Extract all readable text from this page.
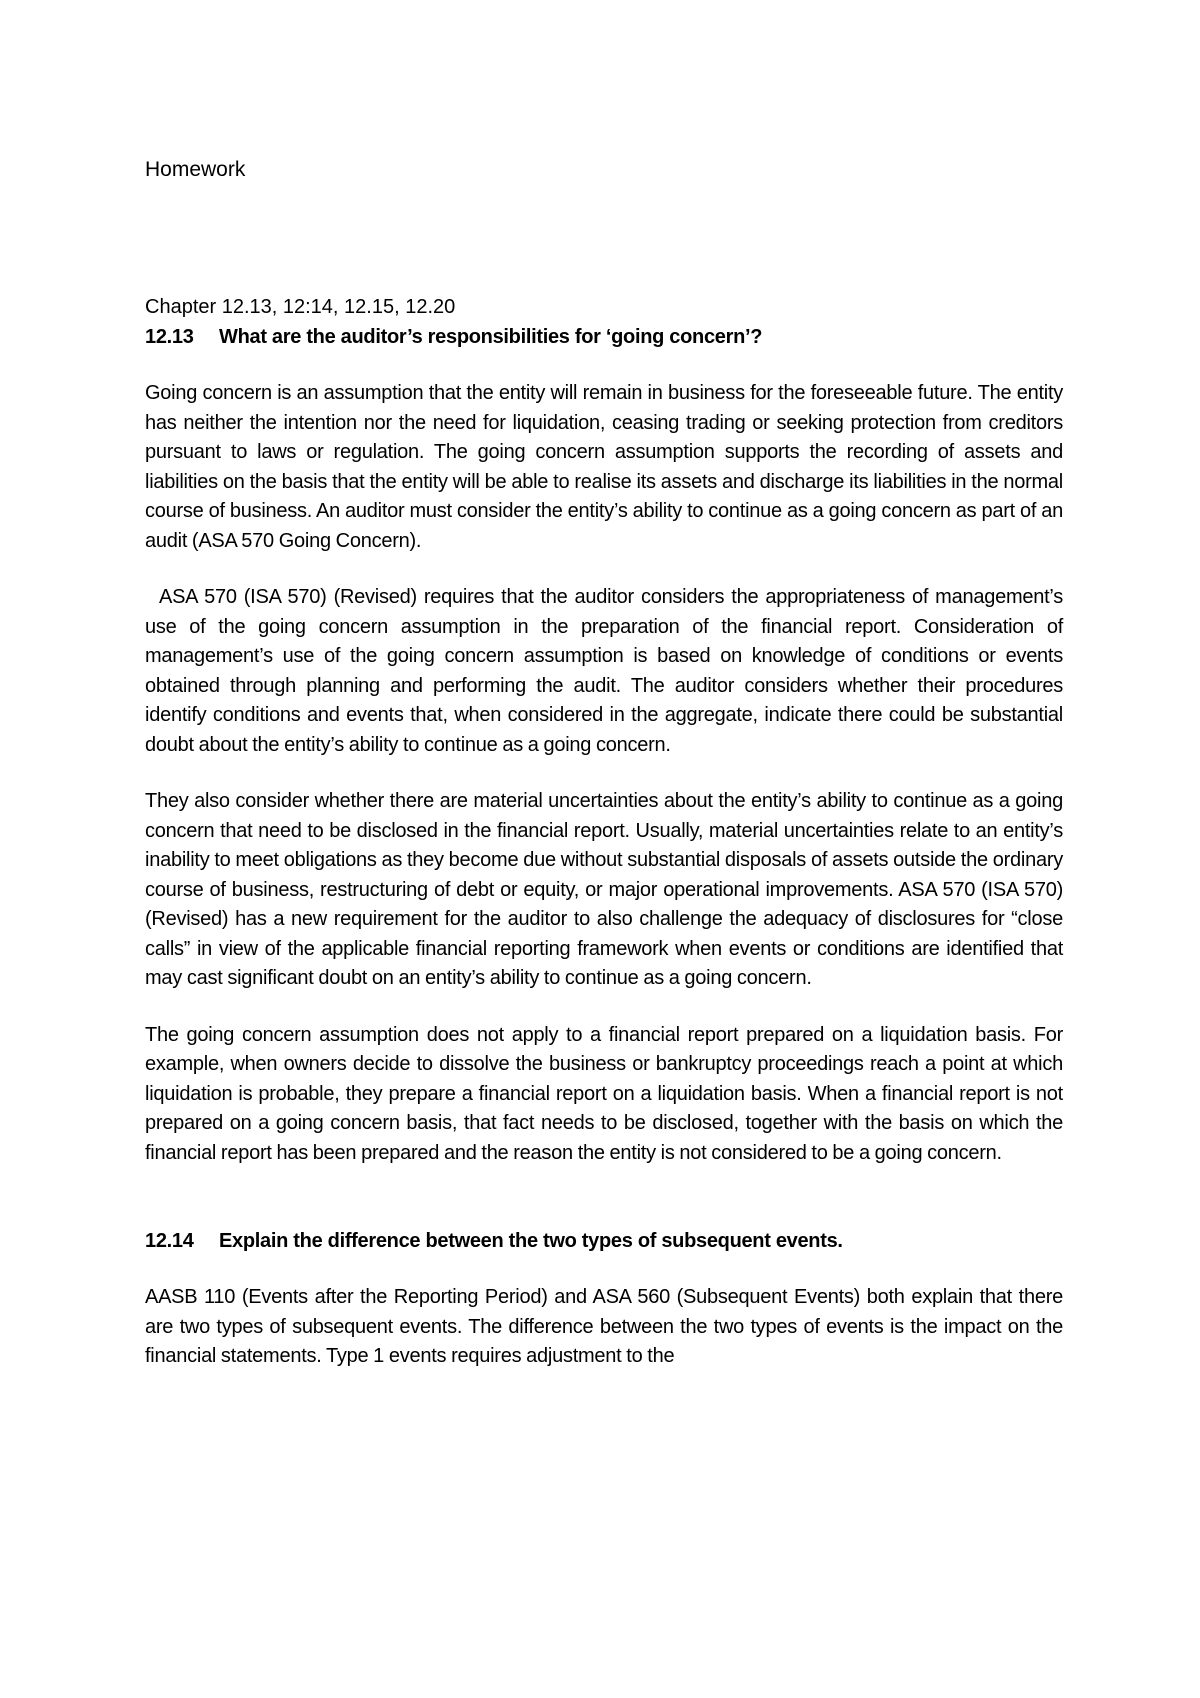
Homework

Chapter 12.13, 12:14, 12.15, 12.20

12.13 What are the auditor’s responsibilities for ‘going concern’?

Going concern is an assumption that the entity will remain in business for the foreseeable future. The entity has neither the intention nor the need for liquidation, ceasing trading or seeking protection from creditors pursuant to laws or regulation. The going concern assumption supports the recording of assets and liabilities on the basis that the entity will be able to realise its assets and discharge its liabilities in the normal course of business. An auditor must consider the entity’s ability to continue as a going concern as part of an audit (ASA 570 Going Concern).

ASA 570 (ISA 570) (Revised) requires that the auditor considers the appropriateness of management’s use of the going concern assumption in the preparation of the financial report. Consideration of management’s use of the going concern assumption is based on knowledge of conditions or events obtained through planning and performing the audit. The auditor considers whether their procedures identify conditions and events that, when considered in the aggregate, indicate there could be substantial doubt about the entity’s ability to continue as a going concern.

They also consider whether there are material uncertainties about the entity’s ability to continue as a going concern that need to be disclosed in the financial report. Usually, material uncertainties relate to an entity’s inability to meet obligations as they become due without substantial disposals of assets outside the ordinary course of business, restructuring of debt or equity, or major operational improvements. ASA 570 (ISA 570) (Revised) has a new requirement for the auditor to also challenge the adequacy of disclosures for “close calls” in view of the applicable financial reporting framework when events or conditions are identified that may cast significant doubt on an entity’s ability to continue as a going concern.

The going concern assumption does not apply to a financial report prepared on a liquidation basis. For example, when owners decide to dissolve the business or bankruptcy proceedings reach a point at which liquidation is probable, they prepare a financial report on a liquidation basis. When a financial report is not prepared on a going concern basis, that fact needs to be disclosed, together with the basis on which the financial report has been prepared and the reason the entity is not considered to be a going concern.

12.14 Explain the difference between the two types of subsequent events.

AASB 110 (Events after the Reporting Period) and ASA 560 (Subsequent Events) both explain that there are two types of subsequent events. The difference between the two types of events is the impact on the financial statements. Type 1 events requires adjustment to the
